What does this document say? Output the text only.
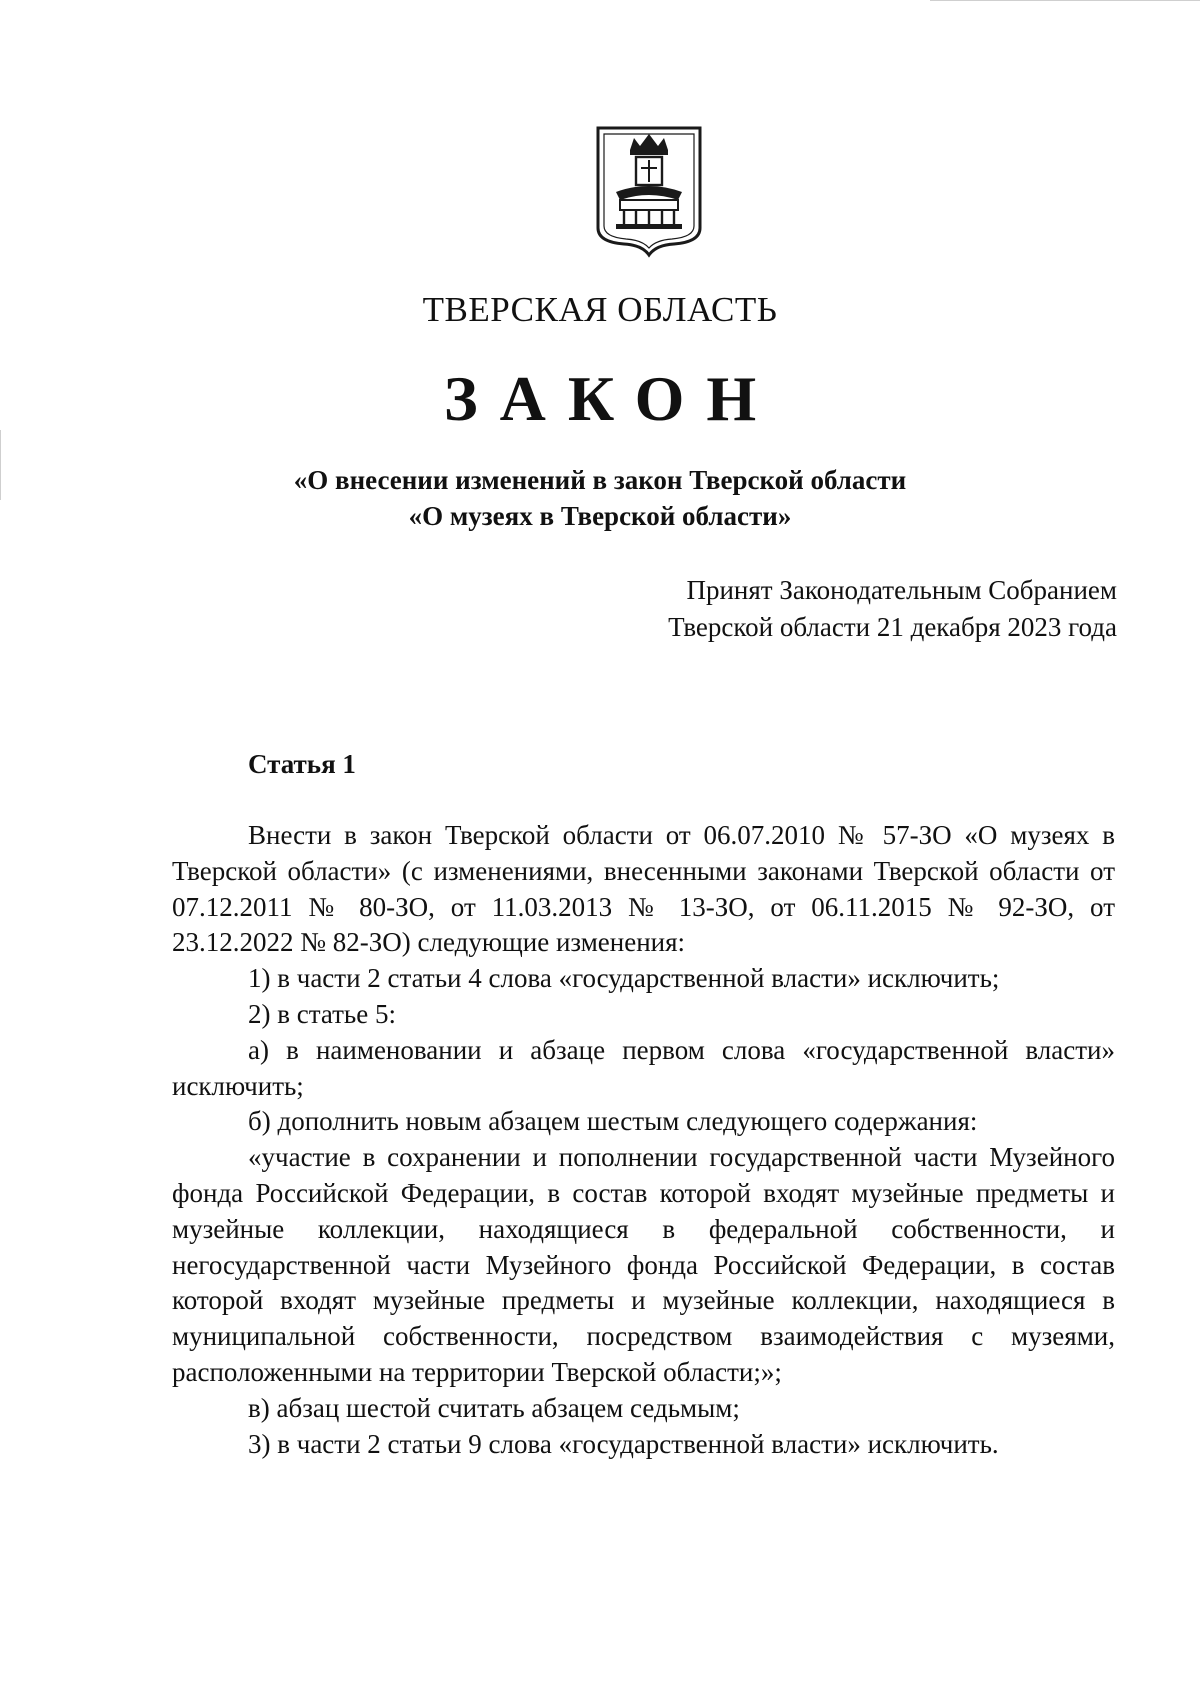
ТВЕРСКАЯ ОБЛАСТЬ
ЗАКОН
«О внесении изменений в закон Тверской области
«О музеях в Тверской области»
Принят Законодательным Собранием
Тверской области 21 декабря 2023 года
Статья 1

Внести в закон Тверской области от 06.07.2010 № 57-ЗО «О музеях в Тверской области» (с изменениями, внесенными законами Тверской области от 07.12.2011 № 80-ЗО, от 11.03.2013 № 13-ЗО, от 06.11.2015 № 92-ЗО, от 23.12.2022 № 82-ЗО) следующие изменения:

1) в части 2 статьи 4 слова «государственной власти» исключить;

2) в статье 5:

а) в наименовании и абзаце первом слова «государственной власти» исключить;

б) дополнить новым абзацем шестым следующего содержания:

«участие в сохранении и пополнении государственной части Музейного фонда Российской Федерации, в состав которой входят музейные предметы и музейные коллекции, находящиеся в федеральной собственности, и негосударственной части Музейного фонда Российской Федерации, в состав которой входят музейные предметы и музейные коллекции, находящиеся в муниципальной собственности, посредством взаимодействия с музеями, расположенными на территории Тверской области;»;

в) абзац шестой считать абзацем седьмым;

3) в части 2 статьи 9 слова «государственной власти» исключить.
